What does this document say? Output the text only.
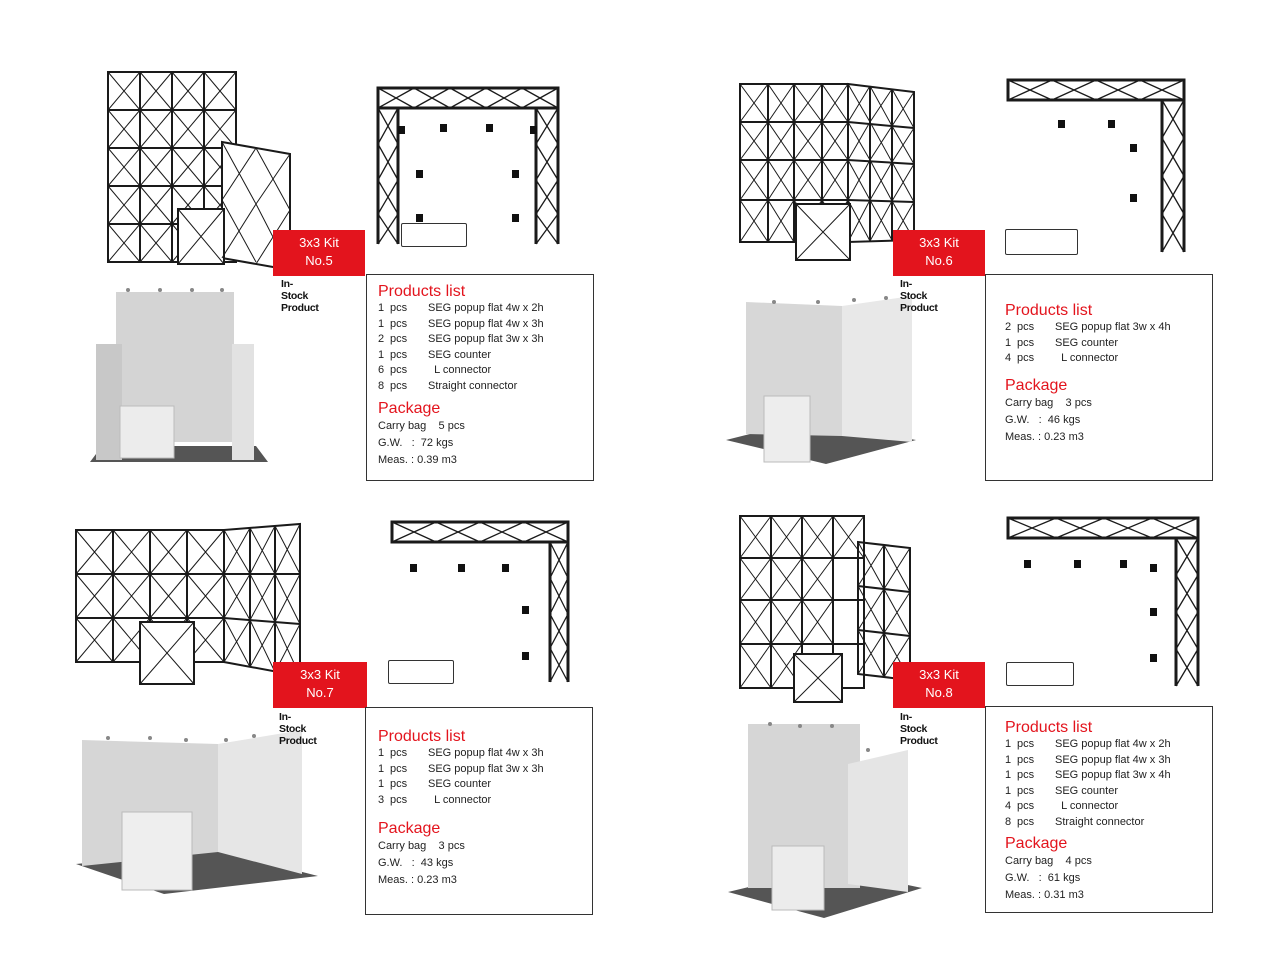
3x3 Kit
No.5
In-Stock Product

Products list

1 pcs SEG popup flat 4w x 2h
1 pcs SEG popup flat 4w x 3h
2 pcs SEG popup flat 3w x 3h
1 pcs SEG counter
6 pcs  L connector
8 pcs Straight connector

Package

Carry bag    5 pcs
G.W.   :  72 kgs
Meas. : 0.39 m3
3x3 Kit
No.6
In-Stock Product	Products list

2 pcs SEG popup flat 3w x 4h
1 pcs SEG counter
4 pcs  L connector

Package

Carry bag    3 pcs
G.W.   :  46 kgs
Meas. : 0.23 m3
3x3 Kit
No.7
In-Stock Product	Products list

1 pcs SEG popup flat 4w x 3h
1 pcs SEG popup flat 3w x 3h
1 pcs SEG counter
3 pcs  L connector

Package

Carry bag    3 pcs
G.W.   :  43 kgs
Meas. : 0.23 m3
3x3 Kit
No.8
In-Stock Product

Products list

1 pcs SEG popup flat 4w x 2h
1 pcs SEG popup flat 4w x 3h
1 pcs SEG popup flat 3w x 4h
1 pcs SEG counter
4 pcs  L connector
8 pcs Straight connector

Package

Carry bag    4 pcs
G.W.   :  61 kgs
Meas. : 0.31 m3
